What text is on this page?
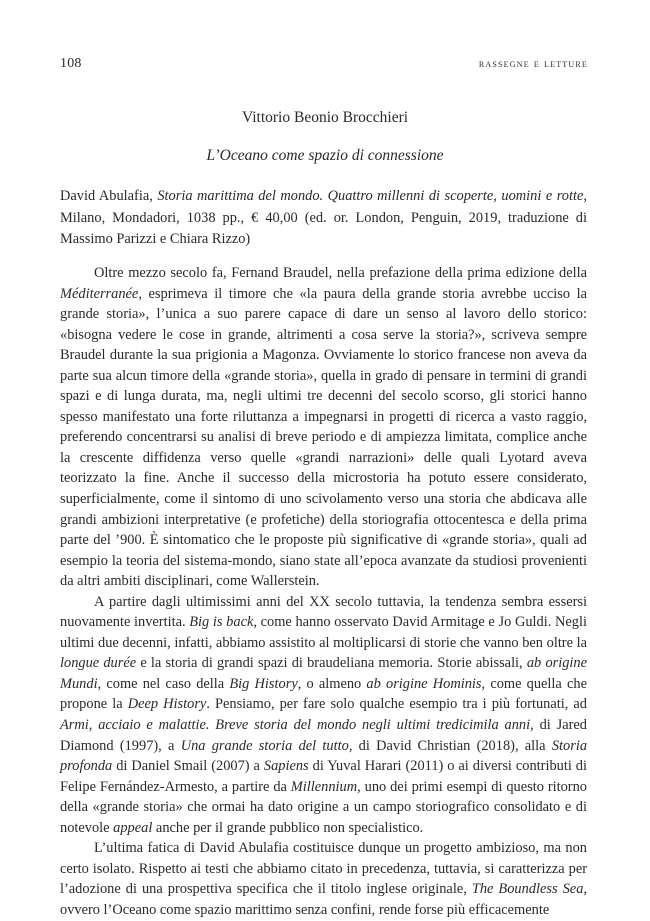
108	rassegne e letture
Vittorio Beonio Brocchieri
L’Oceano come spazio di connessione
David Abulafia, Storia marittima del mondo. Quattro millenni di scoperte, uomini e rotte, Milano, Mondadori, 1038 pp., € 40,00 (ed. or. London, Penguin, 2019, traduzione di Massimo Parizzi e Chiara Rizzo)

Oltre mezzo secolo fa, Fernand Braudel, nella prefazione della prima edizione della Méditerranée, esprimeva il timore che «la paura della grande storia avrebbe ucciso la grande storia», l’unica a suo parere capace di dare un senso al lavoro dello storico: «bisogna vedere le cose in grande, altrimenti a cosa serve la storia?», scriveva sempre Braudel durante la sua prigionia a Magonza. Ovviamente lo storico francese non aveva da parte sua alcun timore della «grande storia», quella in grado di pensare in termini di grandi spazi e di lunga durata, ma, negli ultimi tre decenni del secolo scorso, gli storici hanno spesso manifestato una forte riluttanza a impegnarsi in progetti di ricerca a vasto raggio, preferendo concentrarsi su analisi di breve periodo e di ampiezza limitata, complice anche la crescente diffidenza verso quelle «grandi narrazioni» delle quali Lyotard aveva teorizzato la fine. Anche il successo della microstoria ha potuto essere considerato, superficialmente, come il sintomo di uno scivolamento verso una storia che abdicava alle grandi ambizioni interpretative (e profetiche) della storiografia ottocentesca e della prima parte del ’900. È sintomatico che le proposte più significative di «grande storia», quali ad esempio la teoria del sistema-mondo, siano state all’epoca avanzate da studiosi provenienti da altri ambiti disciplinari, come Wallerstein.

A partire dagli ultimissimi anni del XX secolo tuttavia, la tendenza sembra essersi nuovamente invertita. Big is back, come hanno osservato David Armitage e Jo Guldi. Negli ultimi due decenni, infatti, abbiamo assistito al moltiplicarsi di storie che vanno ben oltre la longue durée e la storia di grandi spazi di braudeliana memoria. Storie abissali, ab origine Mundi, come nel caso della Big History, o almeno ab origine Hominis, come quella che propone la Deep History. Pensiamo, per fare solo qualche esempio tra i più fortunati, ad Armi, acciaio e malattie. Breve storia del mondo negli ultimi tredicimila anni, di Jared Diamond (1997), a Una grande storia del tutto, di David Christian (2018), alla Storia profonda di Daniel Smail (2007) a Sapiens di Yuval Harari (2011) o ai diversi contributi di Felipe Fernández-Armesto, a partire da Millennium, uno dei primi esempi di questo ritorno della «grande storia» che ormai ha dato origine a un campo storiografico consolidato e di notevole appeal anche per il grande pubblico non specialistico.

L’ultima fatica di David Abulafia costituisce dunque un progetto ambizioso, ma non certo isolato. Rispetto ai testi che abbiamo citato in precedenza, tuttavia, si caratterizza per l’adozione di una prospettiva specifica che il titolo inglese originale, The Boundless Sea, ovvero l’Oceano come spazio marittimo senza confini, rende forse più efficacemente
